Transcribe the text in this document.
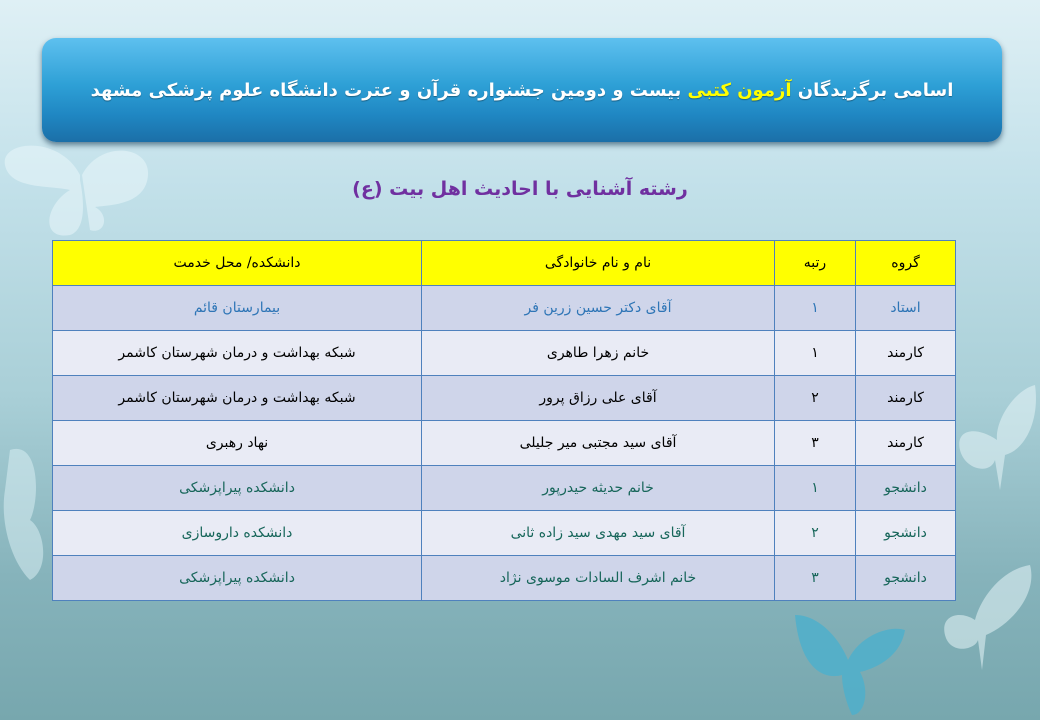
اسامی برگزیدگان آزمون کتبی بیست و دومین جشنواره قرآن و عترت دانشگاه علوم پزشکی مشهد
رشته آشنایی با احادیث اهل بیت (ع)
گروه	رتبه	نام و نام خانوادگی	دانشکده/ محل خدمت
استاد	۱	آقای دکتر حسین زرین فر	بیمارستان قائم
کارمند	۱	خانم زهرا طاهری	شبکه بهداشت و درمان شهرستان کاشمر
کارمند	۲	آقای علی رزاق پرور	شبکه بهداشت و درمان شهرستان کاشمر
کارمند	۳	آقای سید مجتبی میر جلیلی	نهاد رهبری
دانشجو	۱	خانم حدیثه حیدرپور	دانشکده پیراپزشکی
دانشجو	۲	آقای سید مهدی سید زاده ثانی	دانشکده داروسازی
دانشجو	۳	خانم اشرف السادات موسوی نژاد	دانشکده پیراپزشکی
